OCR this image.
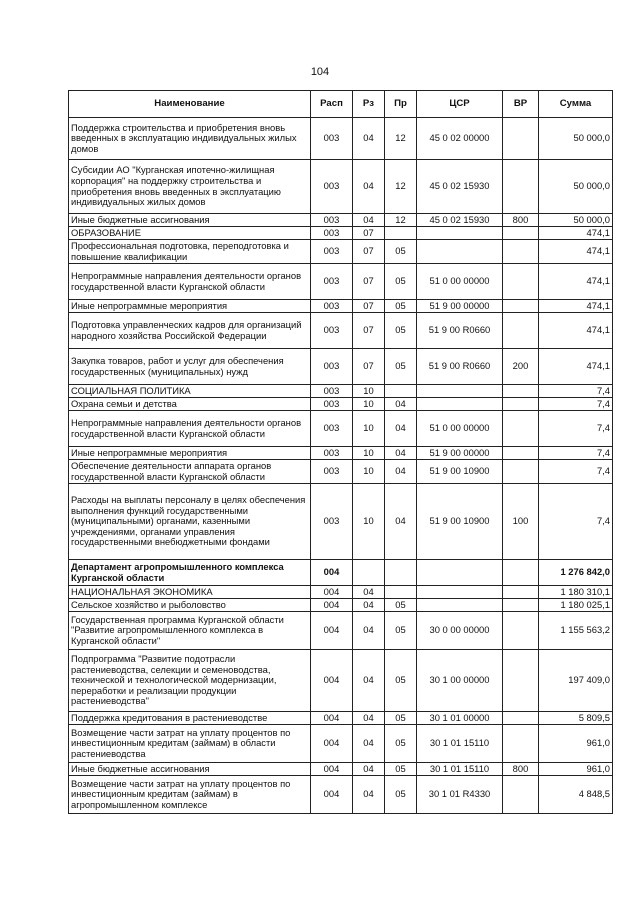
104
Наименование	Расп	Рз	Пр	ЦСР	ВР	Сумма
Поддержка строительства и приобретения вновь введенных в эксплуатацию индивидуальных жилых домов	003	04	12	45 0 02 00000		50 000,0
Субсидии АО "Курганская ипотечно-жилищная корпорация" на поддержку строительства и приобретения вновь введенных в эксплуатацию индивидуальных жилых домов	003	04	12	45 0 02 15930		50 000,0
Иные бюджетные ассигнования	003	04	12	45 0 02 15930	800	50 000,0
ОБРАЗОВАНИЕ	003	07				474,1
Профессиональная подготовка, переподготовка и повышение квалификации	003	07	05			474,1
Непрограммные направления деятельности органов государственной власти Курганской области	003	07	05	51 0 00 00000		474,1
Иные непрограммные мероприятия	003	07	05	51 9 00 00000		474,1
Подготовка управленческих кадров для организаций народного хозяйства Российской Федерации	003	07	05	51 9 00 R0660		474,1
Закупка товаров, работ и услуг для обеспечения государственных (муниципальных) нужд	003	07	05	51 9 00 R0660	200	474,1
СОЦИАЛЬНАЯ ПОЛИТИКА	003	10				7,4
Охрана семьи и детства	003	10	04			7,4
Непрограммные направления деятельности органов государственной власти Курганской области	003	10	04	51 0 00 00000		7,4
Иные непрограммные мероприятия	003	10	04	51 9 00 00000		7,4
Обеспечение деятельности аппарата органов государственной власти Курганской области	003	10	04	51 9 00 10900		7,4
Расходы на выплаты персоналу в целях обеспечения выполнения функций государственными (муниципальными) органами, казенными учреждениями, органами управления государственными внебюджетными фондами	003	10	04	51 9 00 10900	100	7,4
Департамент агропромышленного комплекса Курганской области	004					1 276 842,0
НАЦИОНАЛЬНАЯ ЭКОНОМИКА	004	04				1 180 310,1
Сельское хозяйство и рыболовство	004	04	05			1 180 025,1
Государственная программа Курганской области "Развитие агропромышленного комплекса в Курганской области"	004	04	05	30 0 00 00000		1 155 563,2
Подпрограмма "Развитие подотрасли растениеводства, селекции и семеноводства, технической и технологической модернизации, переработки и реализации продукции растениеводства"	004	04	05	30 1 00 00000		197 409,0
Поддержка кредитования в растениеводстве	004	04	05	30 1 01 00000		5 809,5
Возмещение части затрат на уплату процентов по инвестиционным кредитам (займам) в области растениеводства	004	04	05	30 1 01 15110		961,0
Иные бюджетные ассигнования	004	04	05	30 1 01 15110	800	961,0
Возмещение части затрат на уплату процентов по инвестиционным кредитам (займам) в агропромышленном комплексе	004	04	05	30 1 01 R4330		4 848,5
